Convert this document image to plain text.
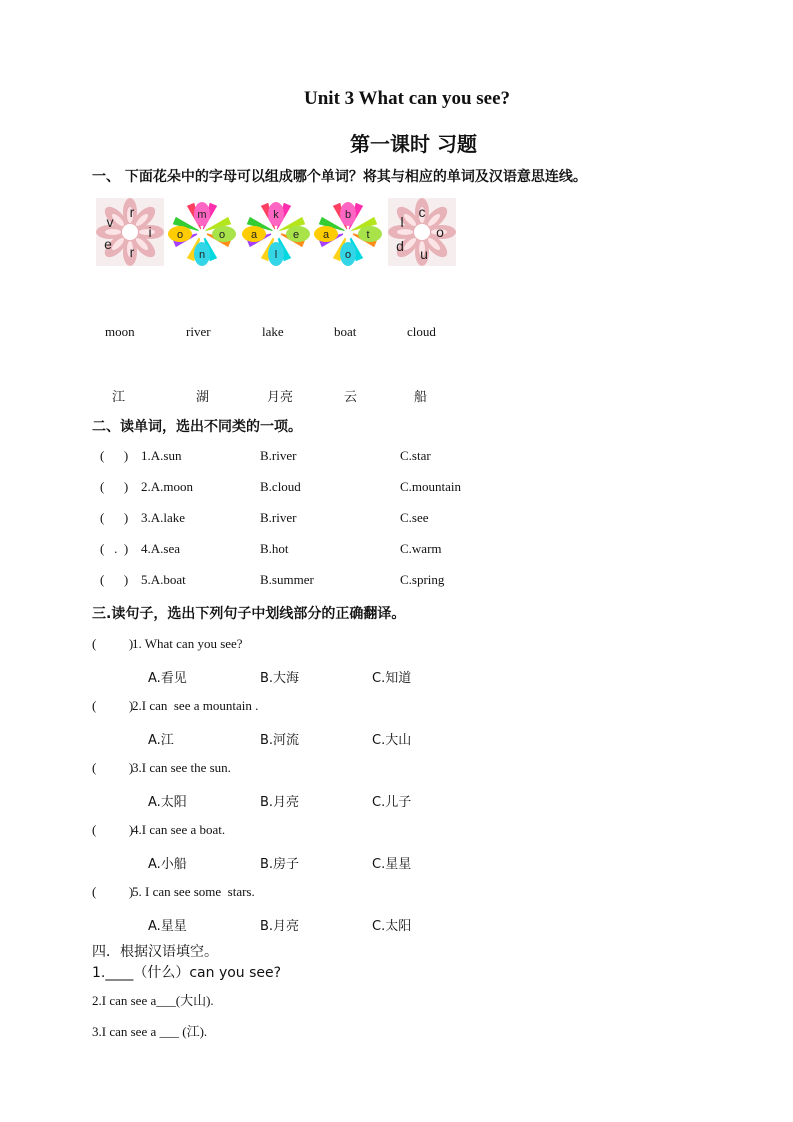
Unit 3 What can you see?
第一课时 习题
一、 下面花朵中的字母可以组成哪个单词？将其与相应的单词及汉语意思连线。
r
v
i
e r
m
o	o
n
k
a	e
l
b
a	t
o
c
l
o
d u
moon	river	lake	boat	cloud
江	湖	月亮	云	船
二、读单词，选出不同类的一项。
(      ) 1.A.sun	B.river	C.star
(      ) 2.A.moon	B.cloud	C.mountain
(      ) 3.A.lake	B.river	C.see
(   .  ) 4.A.sea	B.hot	C.warm
(      ) 5.A.boat	B.summer	C.spring
三.读句子，选出下列句子中划线部分的正确翻译。
(          )
1. What can you see?
A.看见	B.大海	C.知道
(          )
2.I can  see a mountain .
A.江	B.河流	C.大山
(          )
3.I can see the sun.
A.太阳	B.月亮	C.儿子
(          )
4.I can see a boat.
A.小船	B.房子	C.星星
(          )
5. I can see some  stars.
A.星星	B.月亮	C.太阳
四．根据汉语填空。
1.____（什么）can you see?
2.I can see a___(大山).
3.I can see a ___ (江).
